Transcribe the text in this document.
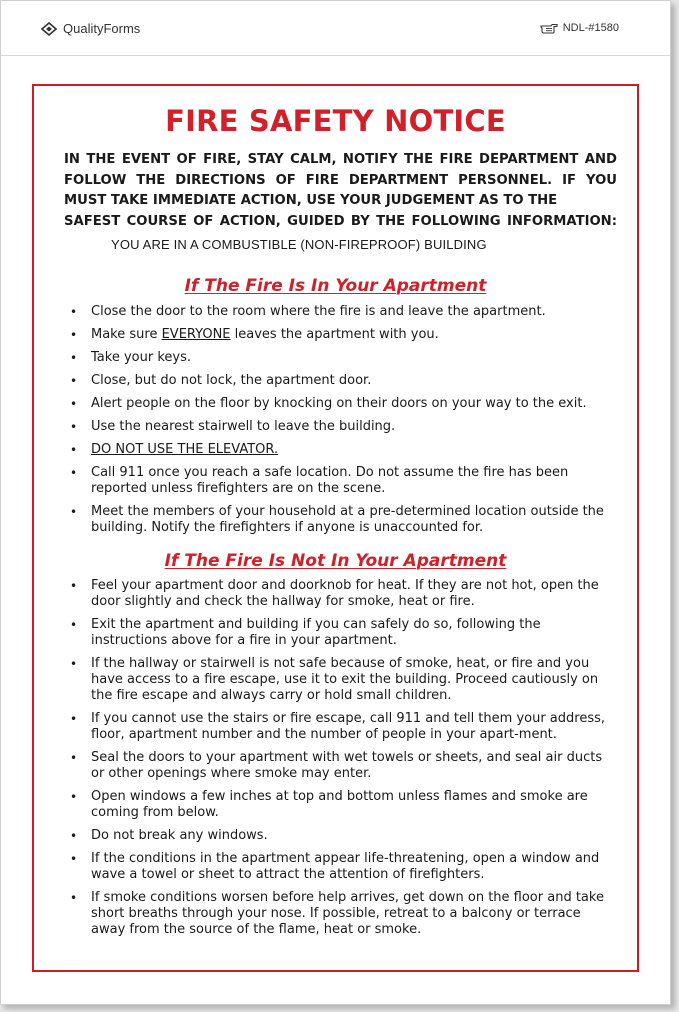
QualityForms	NDL-#1580
FIRE SAFETY NOTICE
IN THE EVENT OF FIRE, STAY CALM, NOTIFY THE FIRE DEPARTMENT AND FOLLOW THE DIRECTIONS OF FIRE DEPARTMENT PERSONNEL. IF YOU MUST TAKE IMMEDIATE ACTION, USE YOUR JUDGEMENT AS TO THE
SAFEST COURSE OF ACTION, GUIDED BY THE FOLLOWING INFORMATION:
YOU ARE IN A COMBUSTIBLE (NON-FIREPROOF) BUILDING
If The Fire Is In Your Apartment
• Close the door to the room where the fire is and leave the apartment.
• Make sure EVERYONE leaves the apartment with you.
• Take your keys.
• Close, but do not lock, the apartment door.
• Alert people on the floor by knocking on their doors on your way to the exit.
• Use the nearest stairwell to leave the building.
• DO NOT USE THE ELEVATOR.
• Call 911 once you reach a safe location. Do not assume the fire has been reported unless firefighters are on the scene.
• Meet the members of your household at a pre-determined location outside the building. Notify the firefighters if anyone is unaccounted for.
If The Fire Is Not In Your Apartment
• Feel your apartment door and doorknob for heat. If they are not hot, open the door slightly and check the hallway for smoke, heat or fire.
• Exit the apartment and building if you can safely do so, following the instructions above for a fire in your apartment.
• If the hallway or stairwell is not safe because of smoke, heat, or fire and you have access to a fire escape, use it to exit the building. Proceed cautiously on the fire escape and always carry or hold small children.
• If you cannot use the stairs or fire escape, call 911 and tell them your address, floor, apartment number and the number of people in your apart-ment.
• Seal the doors to your apartment with wet towels or sheets, and seal air ducts or other openings where smoke may enter.
• Open windows a few inches at top and bottom unless flames and smoke are coming from below.
• Do not break any windows.
• If the conditions in the apartment appear life-threatening, open a window and wave a towel or sheet to attract the attention of firefighters.
• If smoke conditions worsen before help arrives, get down on the floor and take short breaths through your nose. If possible, retreat to a balcony or terrace away from the source of the flame, heat or smoke.
